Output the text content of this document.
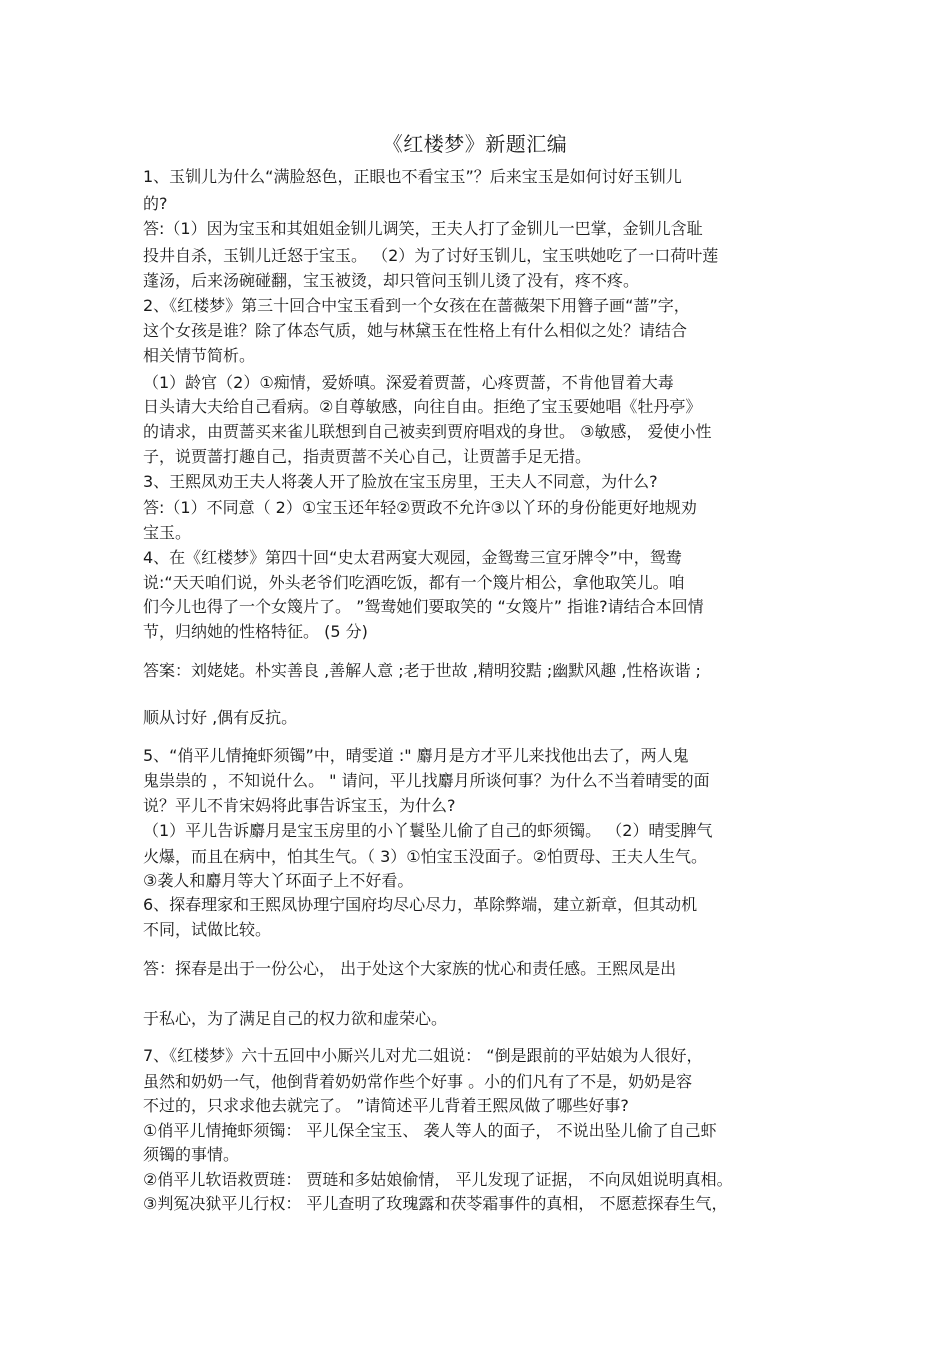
《红楼梦》新题汇编
1、玉钏儿为什么“满脸怒色，正眼也不看宝玉”？后来宝玉是如何讨好玉钏儿
的?
答:（1）因为宝玉和其姐姐金钏儿调笑，王夫人打了金钏儿一巴掌，金钏儿含耻
投井自杀，玉钏儿迁怒于宝玉。 （2）为了讨好玉钏儿，宝玉哄她吃了一口荷叶莲
蓬汤，后来汤碗碰翻，宝玉被烫，却只管问玉钏儿烫了没有，疼不疼。
2、《红楼梦》第三十回合中宝玉看到一个女孩在在蔷薇架下用簪子画“蔷”字，
这个女孩是谁？除了体态气质，她与林黛玉在性格上有什么相似之处？请结合
相关情节简析。
（1）龄官（2）①痴情，爱娇嗔。深爱着贾蔷，心疼贾蔷，不肯他冒着大毒
日头请大夫给自己看病。②自尊敏感，向往自由。拒绝了宝玉要她唱《牡丹亭》
的请求，由贾蔷买来雀儿联想到自己被卖到贾府唱戏的身世。 ③敏感， 爱使小性
子，说贾蔷打趣自己，指责贾蔷不关心自己，让贾蔷手足无措。
3、王熙凤劝王夫人将袭人开了脸放在宝玉房里，王夫人不同意，为什么?
答:（1）不同意（ 2）①宝玉还年轻②贾政不允许③以丫环的身份能更好地规劝
宝玉。
4、在《红楼梦》第四十回“史太君两宴大观园，金鸳鸯三宣牙牌令”中，鸳鸯
说:“天天咱们说，外头老爷们吃酒吃饭，都有一个篾片相公，拿他取笑儿。咱
们今儿也得了一个女篾片了。 ”鸳鸯她们要取笑的 “女篾片” 指谁?请结合本回情
节，归纳她的性格特征。 (5 分)
答案：刘姥姥。朴实善良 ,善解人意 ;老于世故 ,精明狡黠 ;幽默风趣 ,性格诙谐 ;
顺从讨好 ,偶有反抗。
5、“俏平儿情掩虾须镯”中，晴雯道 :" 麝月是方才平儿来找他出去了，两人鬼
鬼祟祟的 ，不知说什么。 " 请问，平儿找麝月所谈何事？为什么不当着晴雯的面
说？平儿不肯宋妈将此事告诉宝玉，为什么?
（1）平儿告诉麝月是宝玉房里的小丫鬟坠儿偷了自己的虾须镯。 （2）晴雯脾气
火爆，而且在病中，怕其生气。（ 3）①怕宝玉没面子。②怕贾母、王夫人生气。
③袭人和麝月等大丫环面子上不好看。
6、探春理家和王熙凤协理宁国府均尽心尽力，革除弊端，建立新章，但其动机
不同，试做比较。
答：探春是出于一份公心， 出于处这个大家族的忧心和责任感。王熙凤是出
于私心，为了满足自己的权力欲和虚荣心。
7、《红楼梦》六十五回中小厮兴儿对尤二姐说： “倒是跟前的平姑娘为人很好，
虽然和奶奶一气，他倒背着奶奶常作些个好事 。小的们凡有了不是，奶奶是容
不过的，只求求他去就完了。 ”请简述平儿背着王熙凤做了哪些好事?
①俏平儿情掩虾须镯： 平儿保全宝玉、 袭人等人的面子， 不说出坠儿偷了自己虾
须镯的事情。
②俏平儿软语救贾琏： 贾琏和多姑娘偷情， 平儿发现了证据， 不向凤姐说明真相。
③判冤决狱平儿行权： 平儿查明了玫瑰露和茯苓霜事件的真相， 不愿惹探春生气，
